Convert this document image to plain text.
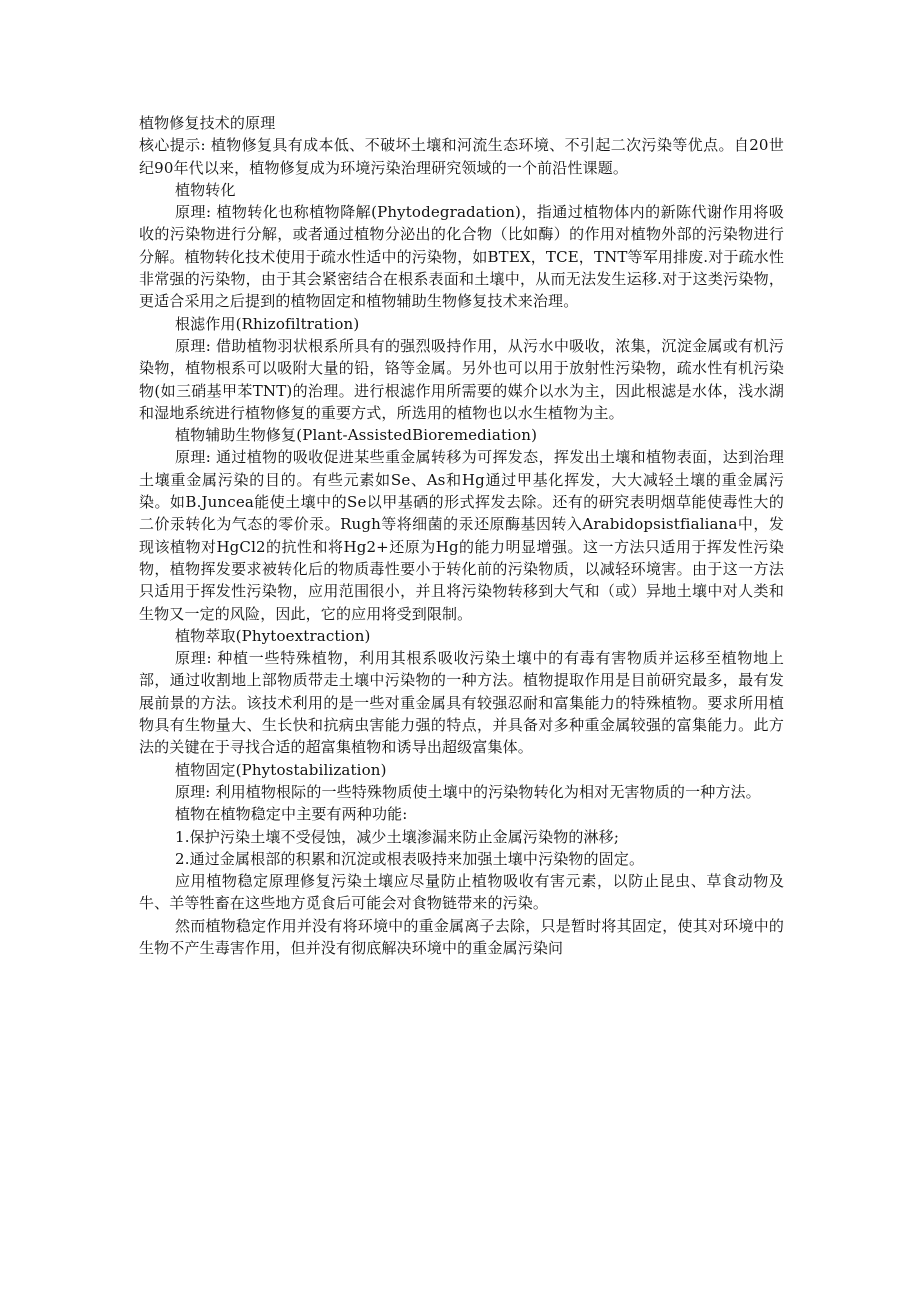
植物修复技术的原理

核心提示: 植物修复具有成本低、不破坏土壤和河流生态环境、不引起二次污染等优点。自20世纪90年代以来，植物修复成为环境污染治理研究领域的一个前沿性课题。

植物转化

原理: 植物转化也称植物降解(Phytodegradation)，指通过植物体内的新陈代谢作用将吸收的污染物进行分解，或者通过植物分泌出的化合物（比如酶）的作用对植物外部的污染物进行分解。植物转化技术使用于疏水性适中的污染物，如BTEX，TCE，TNT等军用排废.对于疏水性非常强的污染物，由于其会紧密结合在根系表面和土壤中，从而无法发生运移.对于这类污染物，更适合采用之后提到的植物固定和植物辅助生物修复技术来治理。

根滤作用(Rhizofiltration)

原理: 借助植物羽状根系所具有的强烈吸持作用，从污水中吸收，浓集，沉淀金属或有机污染物，植物根系可以吸附大量的铅，铬等金属。另外也可以用于放射性污染物，疏水性有机污染物(如三硝基甲苯TNT)的治理。进行根滤作用所需要的媒介以水为主，因此根滤是水体，浅水湖和湿地系统进行植物修复的重要方式，所选用的植物也以水生植物为主。

植物辅助生物修复(Plant-AssistedBioremediation)

原理: 通过植物的吸收促进某些重金属转移为可挥发态，挥发出土壤和植物表面，达到治理土壤重金属污染的目的。有些元素如Se、As和Hg通过甲基化挥发，大大减轻土壤的重金属污染。如B.Juncea能使土壤中的Se以甲基硒的形式挥发去除。还有的研究表明烟草能使毒性大的二价汞转化为气态的零价汞。Rugh等将细菌的汞还原酶基因转入Arabidopsistfialiana中，发现该植物对HgCl2的抗性和将Hg2+还原为Hg的能力明显增强。这一方法只适用于挥发性污染物，植物挥发要求被转化后的物质毒性要小于转化前的污染物质，以减轻环境害。由于这一方法只适用于挥发性污染物，应用范围很小，并且将污染物转移到大气和（或）异地土壤中对人类和生物又一定的风险，因此，它的应用将受到限制。

植物萃取(Phytoextraction)

原理: 种植一些特殊植物，利用其根系吸收污染土壤中的有毒有害物质并运移至植物地上部，通过收割地上部物质带走土壤中污染物的一种方法。植物提取作用是目前研究最多，最有发展前景的方法。该技术利用的是一些对重金属具有较强忍耐和富集能力的特殊植物。要求所用植物具有生物量大、生长快和抗病虫害能力强的特点，并具备对多种重金属较强的富集能力。此方法的关键在于寻找合适的超富集植物和诱导出超级富集体。

植物固定(Phytostabilization)

原理: 利用植物根际的一些特殊物质使土壤中的污染物转化为相对无害物质的一种方法。

植物在植物稳定中主要有两种功能:

1.保护污染土壤不受侵蚀，减少土壤渗漏来防止金属污染物的淋移;

2.通过金属根部的积累和沉淀或根表吸持来加强土壤中污染物的固定。

应用植物稳定原理修复污染土壤应尽量防止植物吸收有害元素，以防止昆虫、草食动物及牛、羊等牲畜在这些地方觅食后可能会对食物链带来的污染。

然而植物稳定作用并没有将环境中的重金属离子去除，只是暂时将其固定，使其对环境中的生物不产生毒害作用，但并没有彻底解决环境中的重金属污染问
